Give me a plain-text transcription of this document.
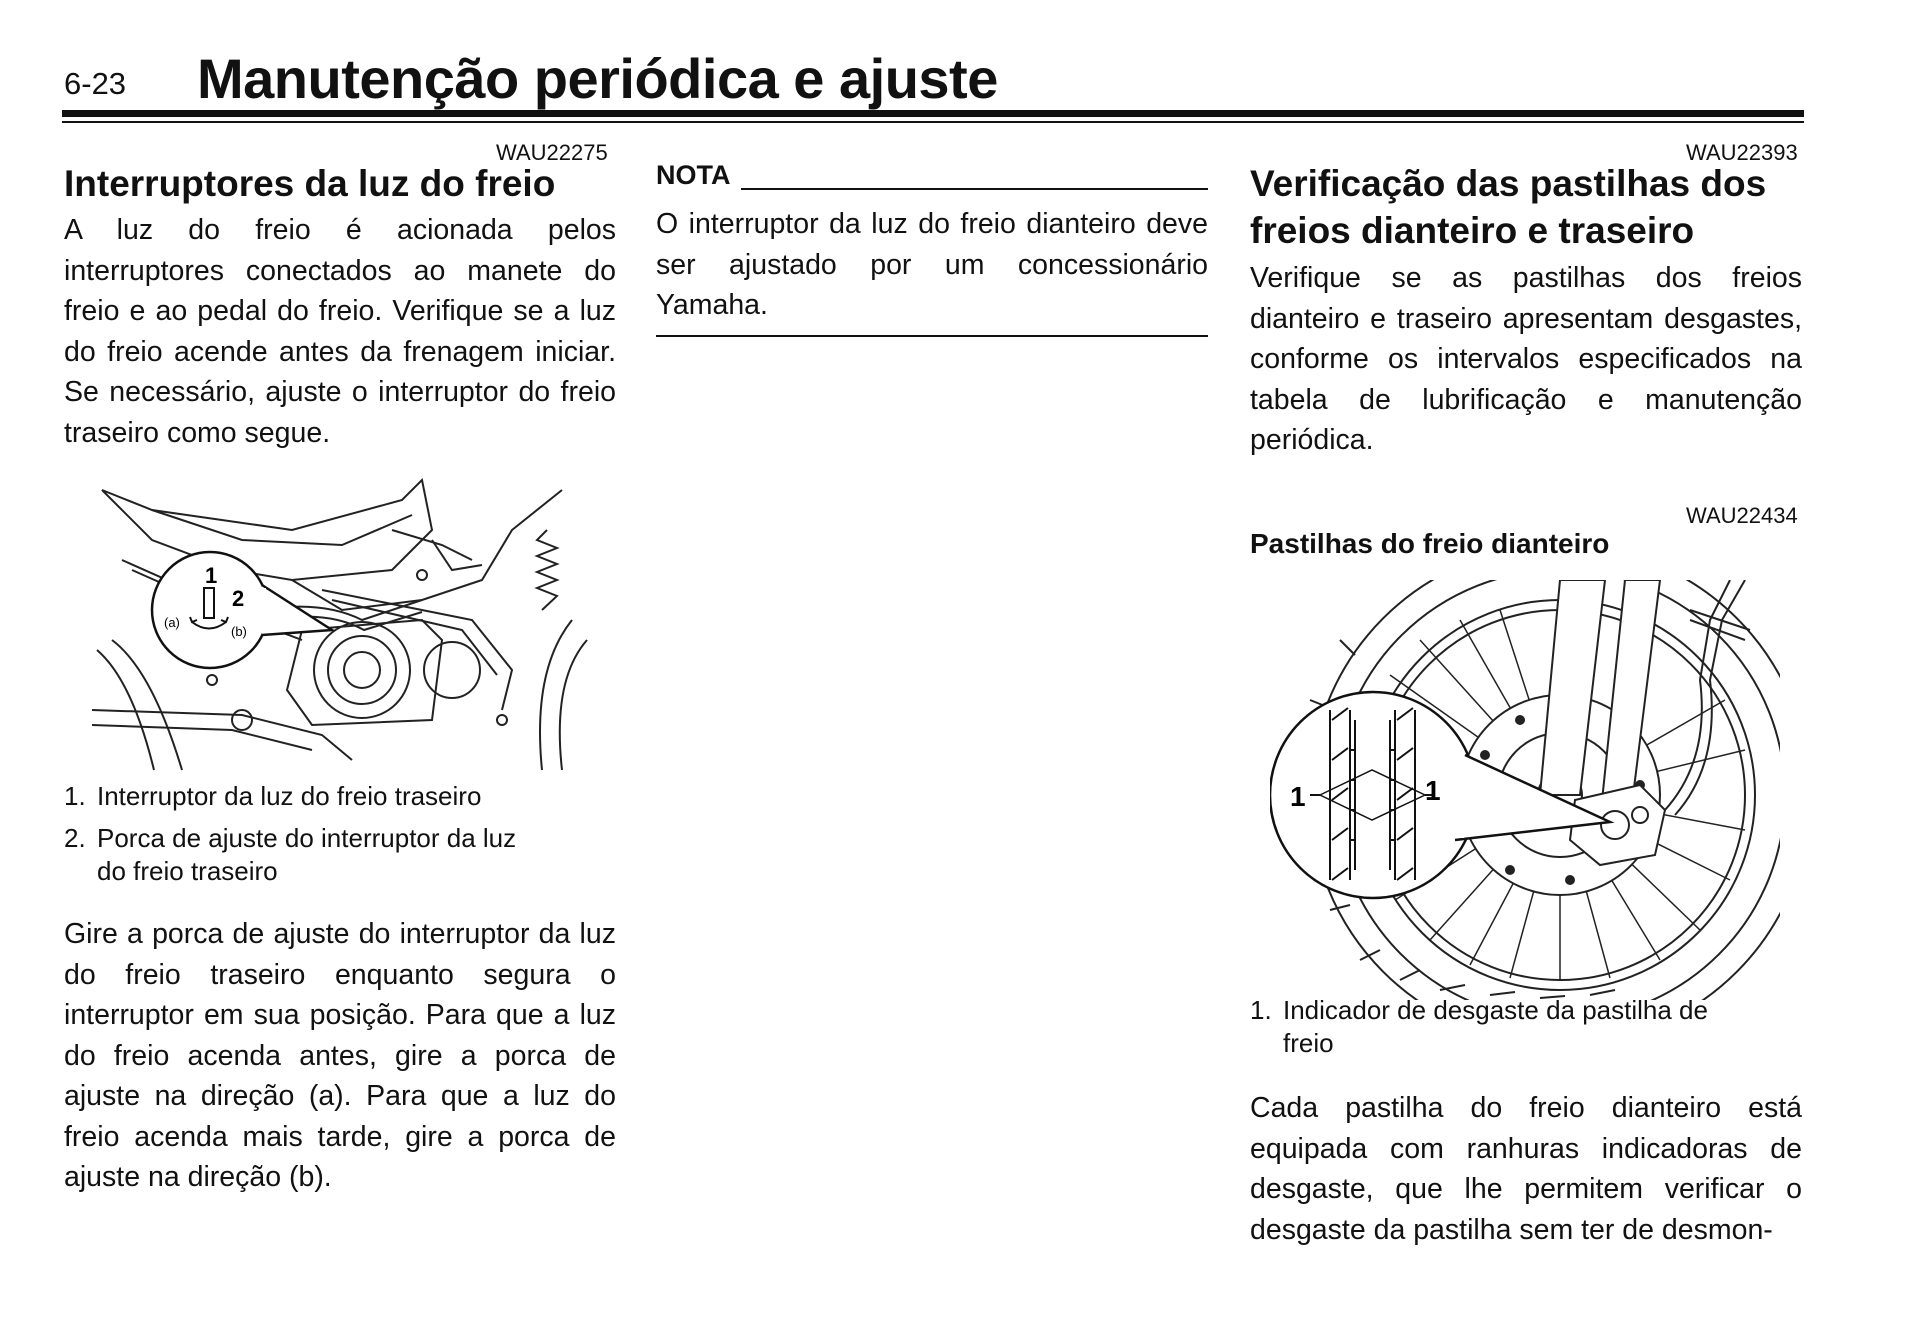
6-23 Manutenção periódica e ajuste
WAU22275
Interruptores da luz do freio
A luz do freio é acionada pelos interruptores conectados ao manete do freio e ao pedal do freio. Verifique se a luz do freio acende antes da frenagem iniciar. Se necessário, ajuste o interruptor do freio traseiro como segue.
1
2
(a)
(b)
1. Interruptor da luz do freio traseiro
2. Porca de ajuste do interruptor da luz
do freio traseiro
Gire a porca de ajuste do interruptor da luz do freio traseiro enquanto segura o interruptor em sua posição. Para que a luz do freio acenda antes, gire a porca de ajuste na direção (a). Para que a luz do freio acenda mais tarde, gire a porca de ajuste na direção (b).
NOTA
O interruptor da luz do freio dianteiro deve ser ajustado por um concessionário Yamaha.
WAU22393
Verificação das pastilhas dos freios dianteiro e traseiro
Verifique se as pastilhas dos freios dianteiro e traseiro apresentam desgastes, conforme os intervalos especificados na tabela de lubrificação e manutenção periódica.
WAU22434
Pastilhas do freio dianteiro
1	1
1. Indicador de desgaste da pastilha de
freio
Cada pastilha do freio dianteiro está equipada com ranhuras indicadoras de desgaste, que lhe permitem verificar o desgaste da pastilha sem ter de desmon-
